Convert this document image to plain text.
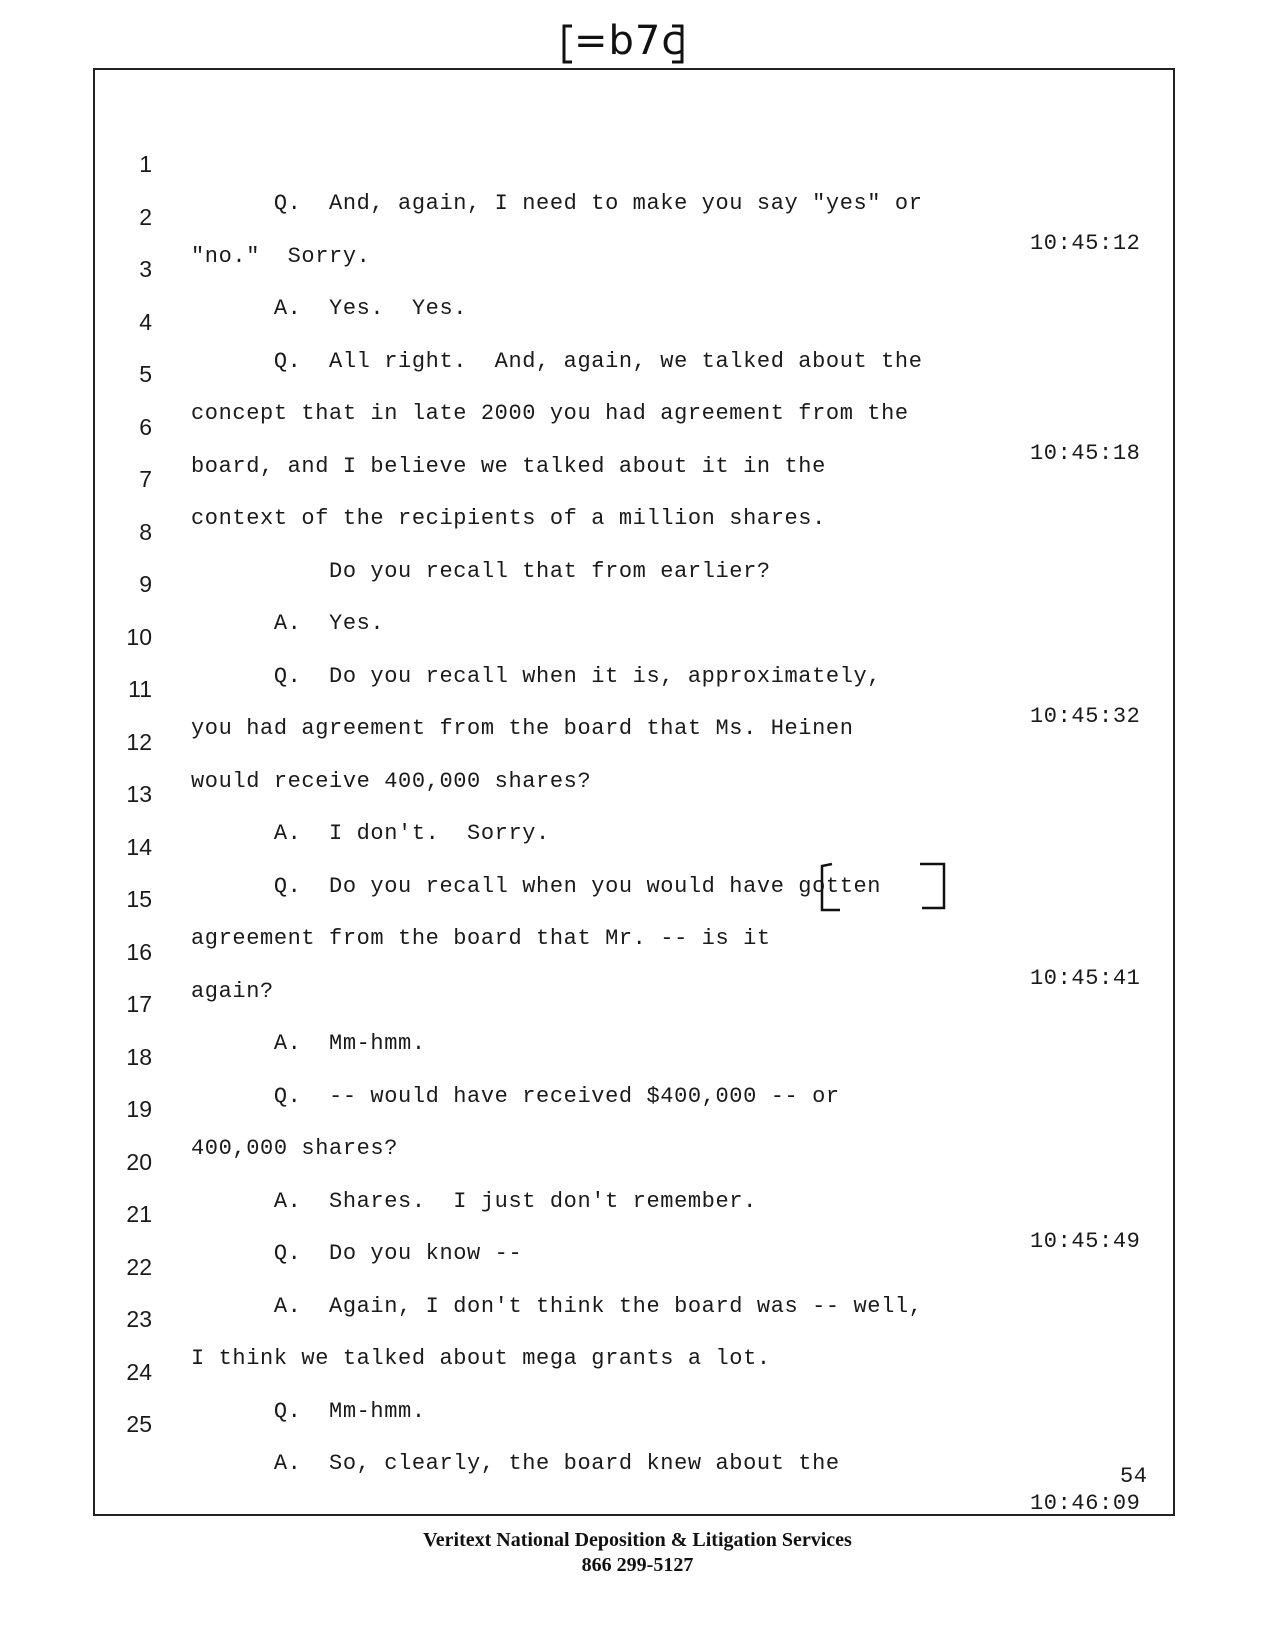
=b7c

1

Q.  And, again, I need to make you say "yes" or

10:45:12

2

"no."  Sorry.

3

A.  Yes.  Yes.

4

Q.  All right.  And, again, we talked about the

5

concept that in late 2000 you had agreement from the

10:45:18

6

board, and I believe we talked about it in the

7

context of the recipients of a million shares.

8

Do you recall that from earlier?

9

A.  Yes.

10

Q.  Do you recall when it is, approximately,

10:45:32

11

you had agreement from the board that Ms. Heinen

12

would receive 400,000 shares?

13

A.  I don't.  Sorry.

14

Q.  Do you recall when you would have gotten

15

agreement from the board that Mr. -- is it

10:45:41

16

again?

17

A.  Mm-hmm.

18

Q.  -- would have received $400,000 -- or

19

400,000 shares?

20

A.  Shares.  I just don't remember.

10:45:49

21

Q.  Do you know --

22

A.  Again, I don't think the board was -- well,

23

I think we talked about mega grants a lot.

24

Q.  Mm-hmm.

25

A.  So, clearly, the board knew about the

10:46:09

54
Veritext National Deposition & Litigation Services
866 299-5127
